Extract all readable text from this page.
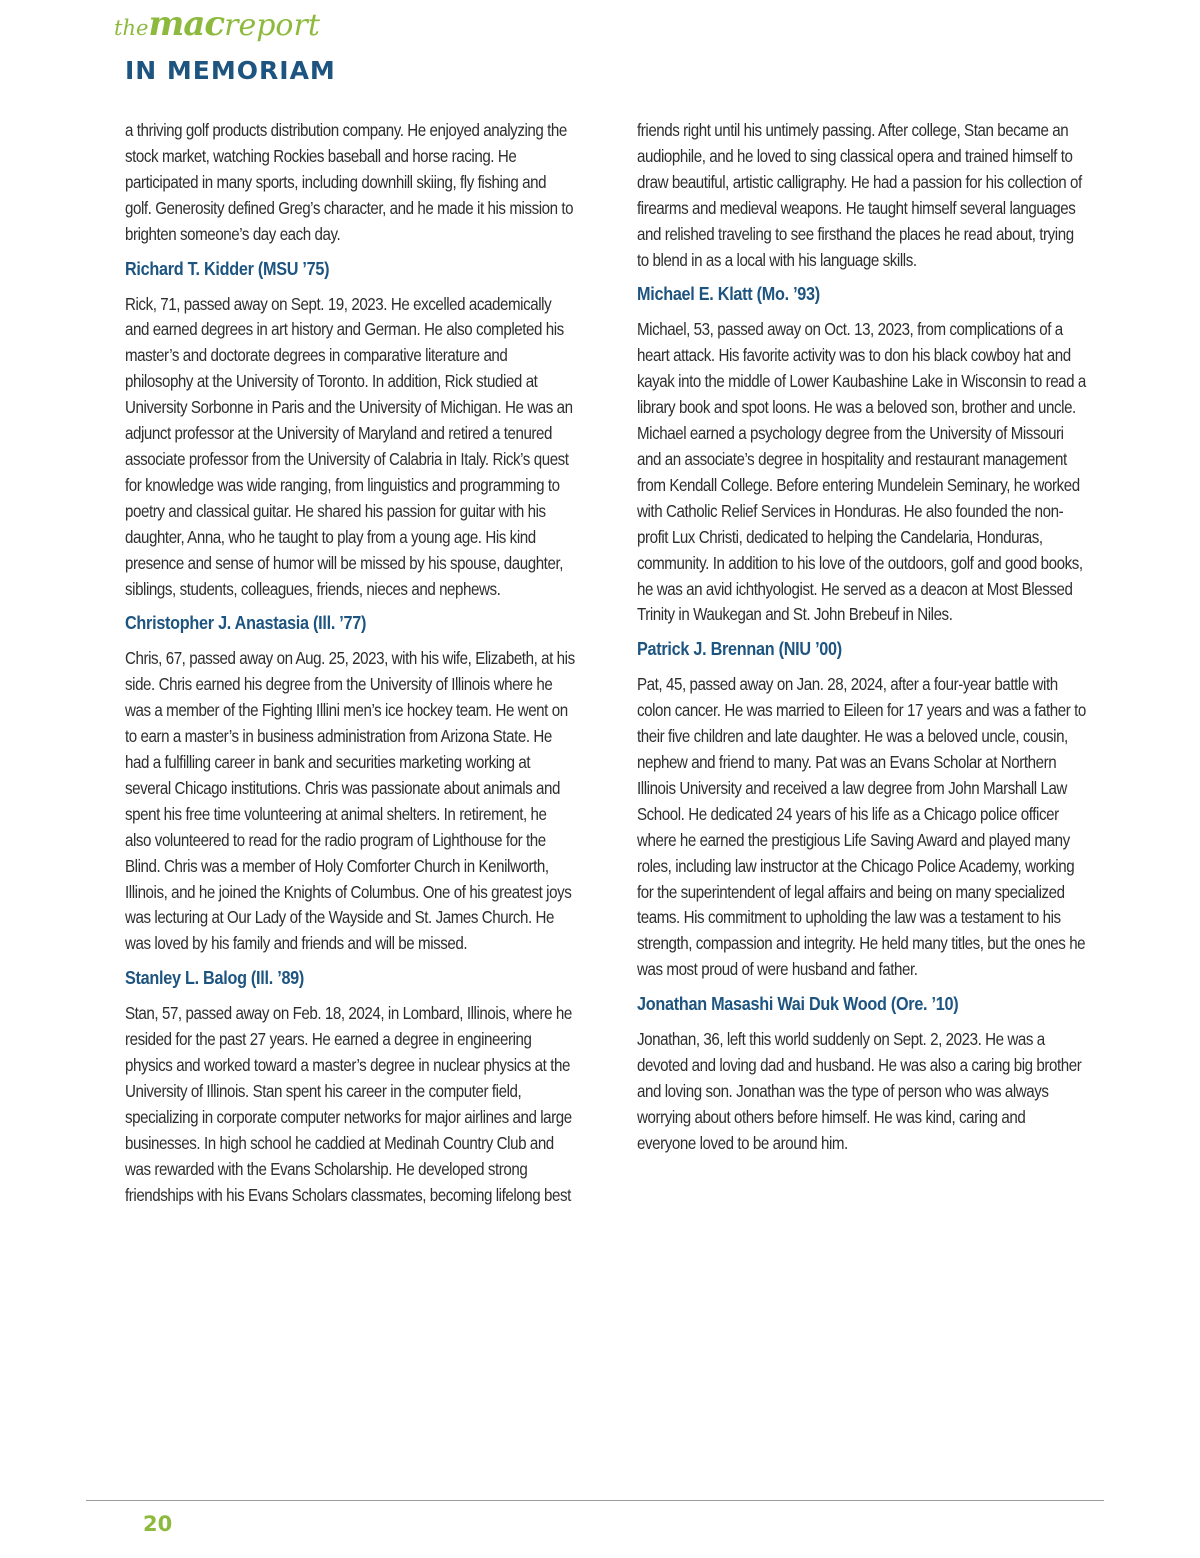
themacreport
IN MEMORIAM

a thriving golf products distribution company. He enjoyed analyzing the stock market, watching Rockies baseball and horse racing. He participated in many sports, including downhill skiing, fly fishing and golf. Generosity defined Greg’s character, and he made it his mission to brighten someone’s day each day.

Richard T. Kidder (MSU ’75)

Rick, 71, passed away on Sept. 19, 2023. He excelled academically and earned degrees in art history and German. He also completed his master’s and doctorate degrees in comparative literature and philosophy at the University of Toronto. In addition, Rick studied at University Sorbonne in Paris and the University of Michigan. He was an adjunct professor at the University of Maryland and retired a tenured associate professor from the University of Calabria in Italy. Rick’s quest for knowledge was wide ranging, from linguistics and programming to poetry and classical guitar. He shared his passion for guitar with his daughter, Anna, who he taught to play from a young age. His kind presence and sense of humor will be missed by his spouse, daughter, siblings, students, colleagues, friends, nieces and nephews.

Christopher J. Anastasia (Ill. ’77)

Chris, 67, passed away on Aug. 25, 2023, with his wife, Elizabeth, at his side. Chris earned his degree from the University of Illinois where he was a member of the Fighting Illini men’s ice hockey team. He went on to earn a master’s in business administration from Arizona State. He had a fulfilling career in bank and securities marketing working at several Chicago institutions. Chris was passionate about animals and spent his free time volunteering at animal shelters. In retirement, he also volunteered to read for the radio program of Lighthouse for the Blind. Chris was a member of Holy Comforter Church in Kenilworth, Illinois, and he joined the Knights of Columbus. One of his greatest joys was lecturing at Our Lady of the Wayside and St. James Church. He was loved by his family and friends and will be missed.

Stanley L. Balog (Ill. ’89)

Stan, 57, passed away on Feb. 18, 2024, in Lombard, Illinois, where he resided for the past 27 years. He earned a degree in engineering physics and worked toward a master’s degree in nuclear physics at the University of Illinois. Stan spent his career in the computer field, specializing in corporate computer networks for major airlines and large businesses. In high school he caddied at Medinah Country Club and was rewarded with the Evans Scholarship. He developed strong friendships with his Evans Scholars classmates, becoming lifelong best

friends right until his untimely passing. After college, Stan became an audiophile, and he loved to sing classical opera and trained himself to draw beautiful, artistic calligraphy. He had a passion for his collection of firearms and medieval weapons. He taught himself several languages and relished traveling to see firsthand the places he read about, trying to blend in as a local with his language skills.

Michael E. Klatt (Mo. ’93)

Michael, 53, passed away on Oct. 13, 2023, from complications of a heart attack. His favorite activity was to don his black cowboy hat and kayak into the middle of Lower Kaubashine Lake in Wisconsin to read a library book and spot loons. He was a beloved son, brother and uncle. Michael earned a psychology degree from the University of Missouri and an associate’s degree in hospitality and restaurant management from Kendall College. Before entering Mundelein Seminary, he worked with Catholic Relief Services in Honduras. He also founded the non-profit Lux Christi, dedicated to helping the Candelaria, Honduras, community. In addition to his love of the outdoors, golf and good books, he was an avid ichthyologist. He served as a deacon at Most Blessed Trinity in Waukegan and St. John Brebeuf in Niles.

Patrick J. Brennan (NIU ’00)

Pat, 45, passed away on Jan. 28, 2024, after a four-year battle with colon cancer. He was married to Eileen for 17 years and was a father to their five children and late daughter. He was a beloved uncle, cousin, nephew and friend to many. Pat was an Evans Scholar at Northern Illinois University and received a law degree from John Marshall Law School. He dedicated 24 years of his life as a Chicago police officer where he earned the prestigious Life Saving Award and played many roles, including law instructor at the Chicago Police Academy, working for the superintendent of legal affairs and being on many specialized teams. His commitment to upholding the law was a testament to his strength, compassion and integrity. He held many titles, but the ones he was most proud of were husband and father.

Jonathan Masashi Wai Duk Wood (Ore. ’10)

Jonathan, 36, left this world suddenly on Sept. 2, 2023. He was a devoted and loving dad and husband. He was also a caring big brother and loving son. Jonathan was the type of person who was always worrying about others before himself. He was kind, caring and everyone loved to be around him.

20
